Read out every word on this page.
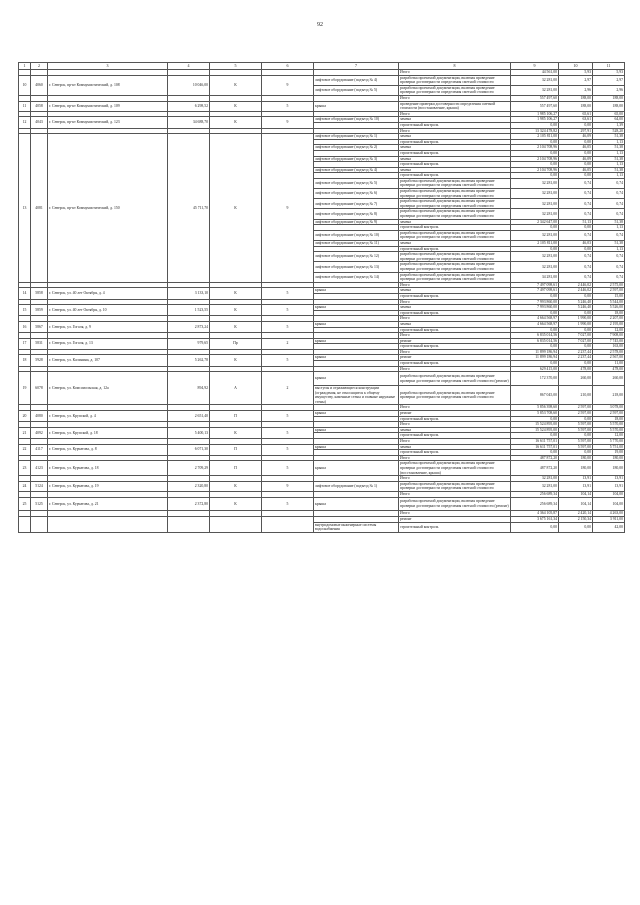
92
1	2	3	4	5	6	7	8	9	10	11
							Итого	44 561,00	5,93	5,93
10	4060	г. Северск, пр-кт Коммунистический, д. 108	10 046,00	К	9	лифтовое оборудование (подъезд № 4)	разработка проектной документации, включая проведение проверки достоверности определения сметной стоимости	32 281,00	2,97	2,97
						лифтовое оборудование (подъезд № 5)	разработка проектной документации, включая проведение проверки достоверности определения сметной стоимости	32 281,00	2,96	2,96
							Итого	557 497,60	188,00	188,00
11	4058	г. Северск, пр-кт Коммунистический, д. 109	6 298,52	К	5	крыша	проведение проверки достоверности определения сметной стоимости (восстановление, крыша)	557 497,60	188,00	188,00
							Итого	1 985 106,27	65,61	65,00
12	4043	г. Северск, пр-кт Коммунистический, д. 123	34 688,70	К	9	лифтовое оборудование (подъезд № 10)	замена	1 985 106,27	63,61	64,00
							строительный контроль	0,00	0,00	1,39
							Итого	13 324 478,82	297,91	528,20
13	4081	г. Северск, пр-кт Коммунистический, д. 150	45 711,70	К	9	лифтовое оборудование (подъезд № 1)	замена	2 105 811,00	46,09	51,38
							строительный контроль	0,00	0,00	1,13
						лифтовое оборудование (подъезд № 2)	замена	2 104 708,96	46,05	51,38
							строительный контроль	0,00	0,00	1,13
						лифтовое оборудование (подъезд № 3)	замена	2 104 708,96	46,09	51,38
							строительный контроль	0,00	0,00	1,13
						лифтовое оборудование (подъезд № 4)	замена	2 104 708,96	46,05	51,38
							строительный контроль	0,00	0,00	1,13
						лифтовое оборудование (подъезд № 5)	разработка проектной документации, включая проведение проверки достоверности определения сметной стоимости	32 281,00	0,74	0,74
						лифтовое оборудование (подъезд № 6)	разработка проектной документации, включая проведение проверки достоверности определения сметной стоимости	32 281,00	0,74	0,74
						лифтовое оборудование (подъезд № 7)	разработка проектной документации, включая проведение проверки достоверности определения сметной стоимости	32 281,00	0,74	0,74
						лифтовое оборудование (подъезд № 8)	разработка проектной документации, включая проведение проверки достоверности определения сметной стоимости	32 281,00	0,74	0,74
						лифтовое оборудование (подъезд № 9)	замена	2 342 647,00	51,13	51,38
							строительный контроль	0,00	0,00	1,13
						лифтовое оборудование (подъезд № 10)	разработка проектной документации, включая проведение проверки достоверности определения сметной стоимости	32 281,00	0,74	0,74
						лифтовое оборудование (подъезд № 11)	замена	2 105 811,00	46,03	51,38
							строительный контроль	0,00	0,00	1,13
						лифтовое оборудование (подъезд № 12)	разработка проектной документации, включая проведение проверки достоверности определения сметной стоимости	32 281,00	0,74	0,74
						лифтовое оборудование (подъезд № 13)	разработка проектной документации, включая проведение проверки достоверности определения сметной стоимости	32 281,00	0,74	0,74
						лифтовое оборудование (подъезд № 14)	разработка проектной документации, включая проведение проверки достоверности определения сметной стоимости	34 281,00	0,74	0,74
							Итого	7 497 098,61	2 446,02	2 575,00
14	5858	г. Северск, ул. 40 лет Октября, д. 4	3 133,10	К	5	крыша	замена	7 497 098,61	2 446,02	2 597,00
							строительный контроль	0,00	0,00	15,00
							Итого	7 993 860,00	5 246,40	5 544,00
15	5859	г. Северск, ул. 40 лет Октября, д. 10	1 523,55	К	5	крыша	замена	7 993 860,00	5 246,40	5 526,00
							строительный контроль	0,00	0,00	18,00
							Итого	4 664 568,97	1 990,00	2 207,00
16	5867	г. Северск, ул. Гоголя, д. 9	2 873,24	К	5	крыша	замена	4 664 568,97	1 990,00	2 195,00
							строительный контроль	0,00	0,00	12,00
							Итого	6 835 014,56	7 027,00	7 908,00
17	5831	г. Северск, ул. Гоголя, д. 13	979,65	Пр	2	крыша	ремонт	6 835 014,56	7 027,00	7 745,00
							строительный контроль	0,00	0,00	163,00
							Итого	11 899 186,94	2 237,44	2 578,00
18	5928	г. Северск, ул. Калинина, д. 107	5 262,78	К	5	крыша	ремонт	11 899 186,94	2 237,44	2 567,00
							строительный контроль	0,00	0,00	11,00
							Итого	629 415,00	478,00	478,00
19	6078	г. Северск, ул. Комсомольская, д. 12а	894,92	А	2	крыша	разработка проектной документации, включая проведение проверки достоверности определения сметной стоимости (ремонт)	172 370,00	260,00	260,00
						выступы и отражающиеся конструкции (ограждения, не относящиеся к общему имуществу, каменные стены и главные наружные стены)	разработка проектной документации, включая проведение проверки достоверности определения сметной стоимости	867 045,00	210,00	218,00
							Итого	5 856 398,60	2 597,00	3 078,00
20	4080	г. Северск, ул. Крупской, д. 4	2 651,40	П	5	крыша	ремонт	5 853 708,60	2 597,00	2 597,00
							строительный контроль	0,00	0,00	18,00
							Итого	15 524 895,00	5 597,00	5 570,00
21	4092	г. Северск, ул. Крупской, д. 18	5 400,13	К	5	крыша	замена	15 524 895,00	5 597,00	5 570,00
							строительный контроль	0,00	0,00	12,00
							Итого	16 611 757,01	5 597,00	5 770,00
22	4117	г. Северск, ул. Курчатова, д. 8	6 071,30	П	5	крыша	замена	16 611 757,01	5 597,00	5 751,00
							строительный контроль	0,00	0,00	19,00
							Итого	487 872,20	180,00	180,00
23	4123	г. Северск, ул. Курчатова, д. 18	2 709,29	П	5	крыша	разработка проектной документации, включая проведение проверки достоверности определения сметной стоимости (восстановление, крыша)	487 872,20	180,00	180,00
							Итого	32 281,00	13,91	13,91
24	5124	г. Северск, ул. Курчатова, д. 19	2 320,80	К	9	лифтовое оборудование (подъезд № 1)	разработка проектной документации, включая проведение проверки достоверности определения сметной стоимости	32 281,00	13,91	13,91
							Итого	256 689,34	104,14	104,00
25	5125	г. Северск, ул. Курчатова, д. 21	2 372,80	К	5	крыша	разработка проектной документации, включая проведение проверки достоверности определения сметной стоимости (ремонт)	256 689,34	104,14	104,00
							Итого	4 364 105,87	2 420,14	4 263,00
							ремонт	3 675 161,34	2 150,34	3 911,00
						внутридомовые инженерные системы водоснабжения	строительный контроль	0,00	0,00	42,00
